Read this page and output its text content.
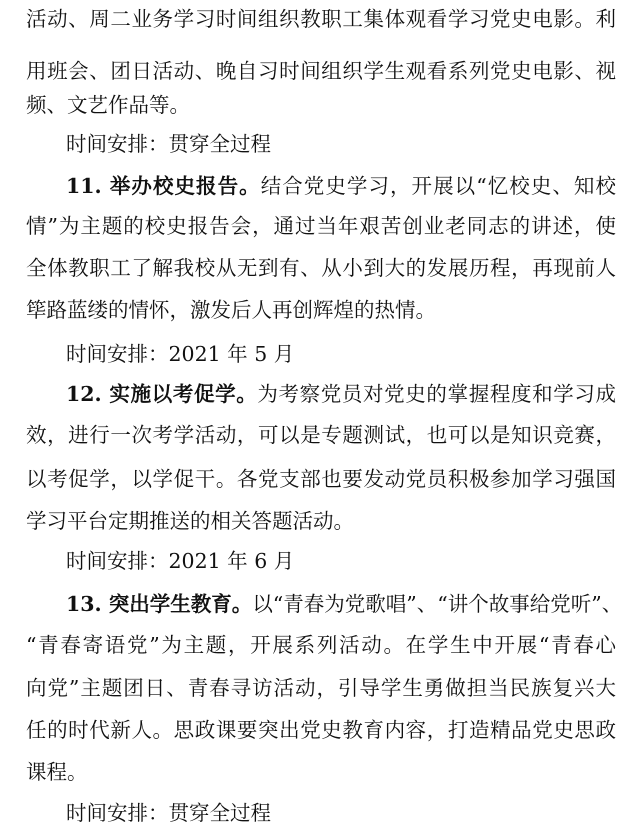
活动、周二业务学习时间组织教职工集体观看学习党史电影。利
用班会、团日活动、晚自习时间组织学生观看系列党史电影、视
频、文艺作品等。
时间安排：贯穿全过程
11. 举办校史报告。结合党史学习，开展以“忆校史、知校
情”为主题的校史报告会，通过当年艰苦创业老同志的讲述，使
全体教职工了解我校从无到有、从小到大的发展历程，再现前人
筚路蓝缕的情怀，激发后人再创辉煌的热情。
时间安排：2021 年 5 月
12. 实施以考促学。为考察党员对党史的掌握程度和学习成
效，进行一次考学活动，可以是专题测试，也可以是知识竞赛，
以考促学，以学促干。各党支部也要发动党员积极参加学习强国
学习平台定期推送的相关答题活动。
时间安排：2021 年 6 月
13. 突出学生教育。以“青春为党歌唱”、“讲个故事给党听”、
“青春寄语党”为主题，开展系列活动。在学生中开展“青春心
向党”主题团日、青春寻访活动，引导学生勇做担当民族复兴大
任的时代新人。思政课要突出党史教育内容，打造精品党史思政
课程。
时间安排：贯穿全过程
